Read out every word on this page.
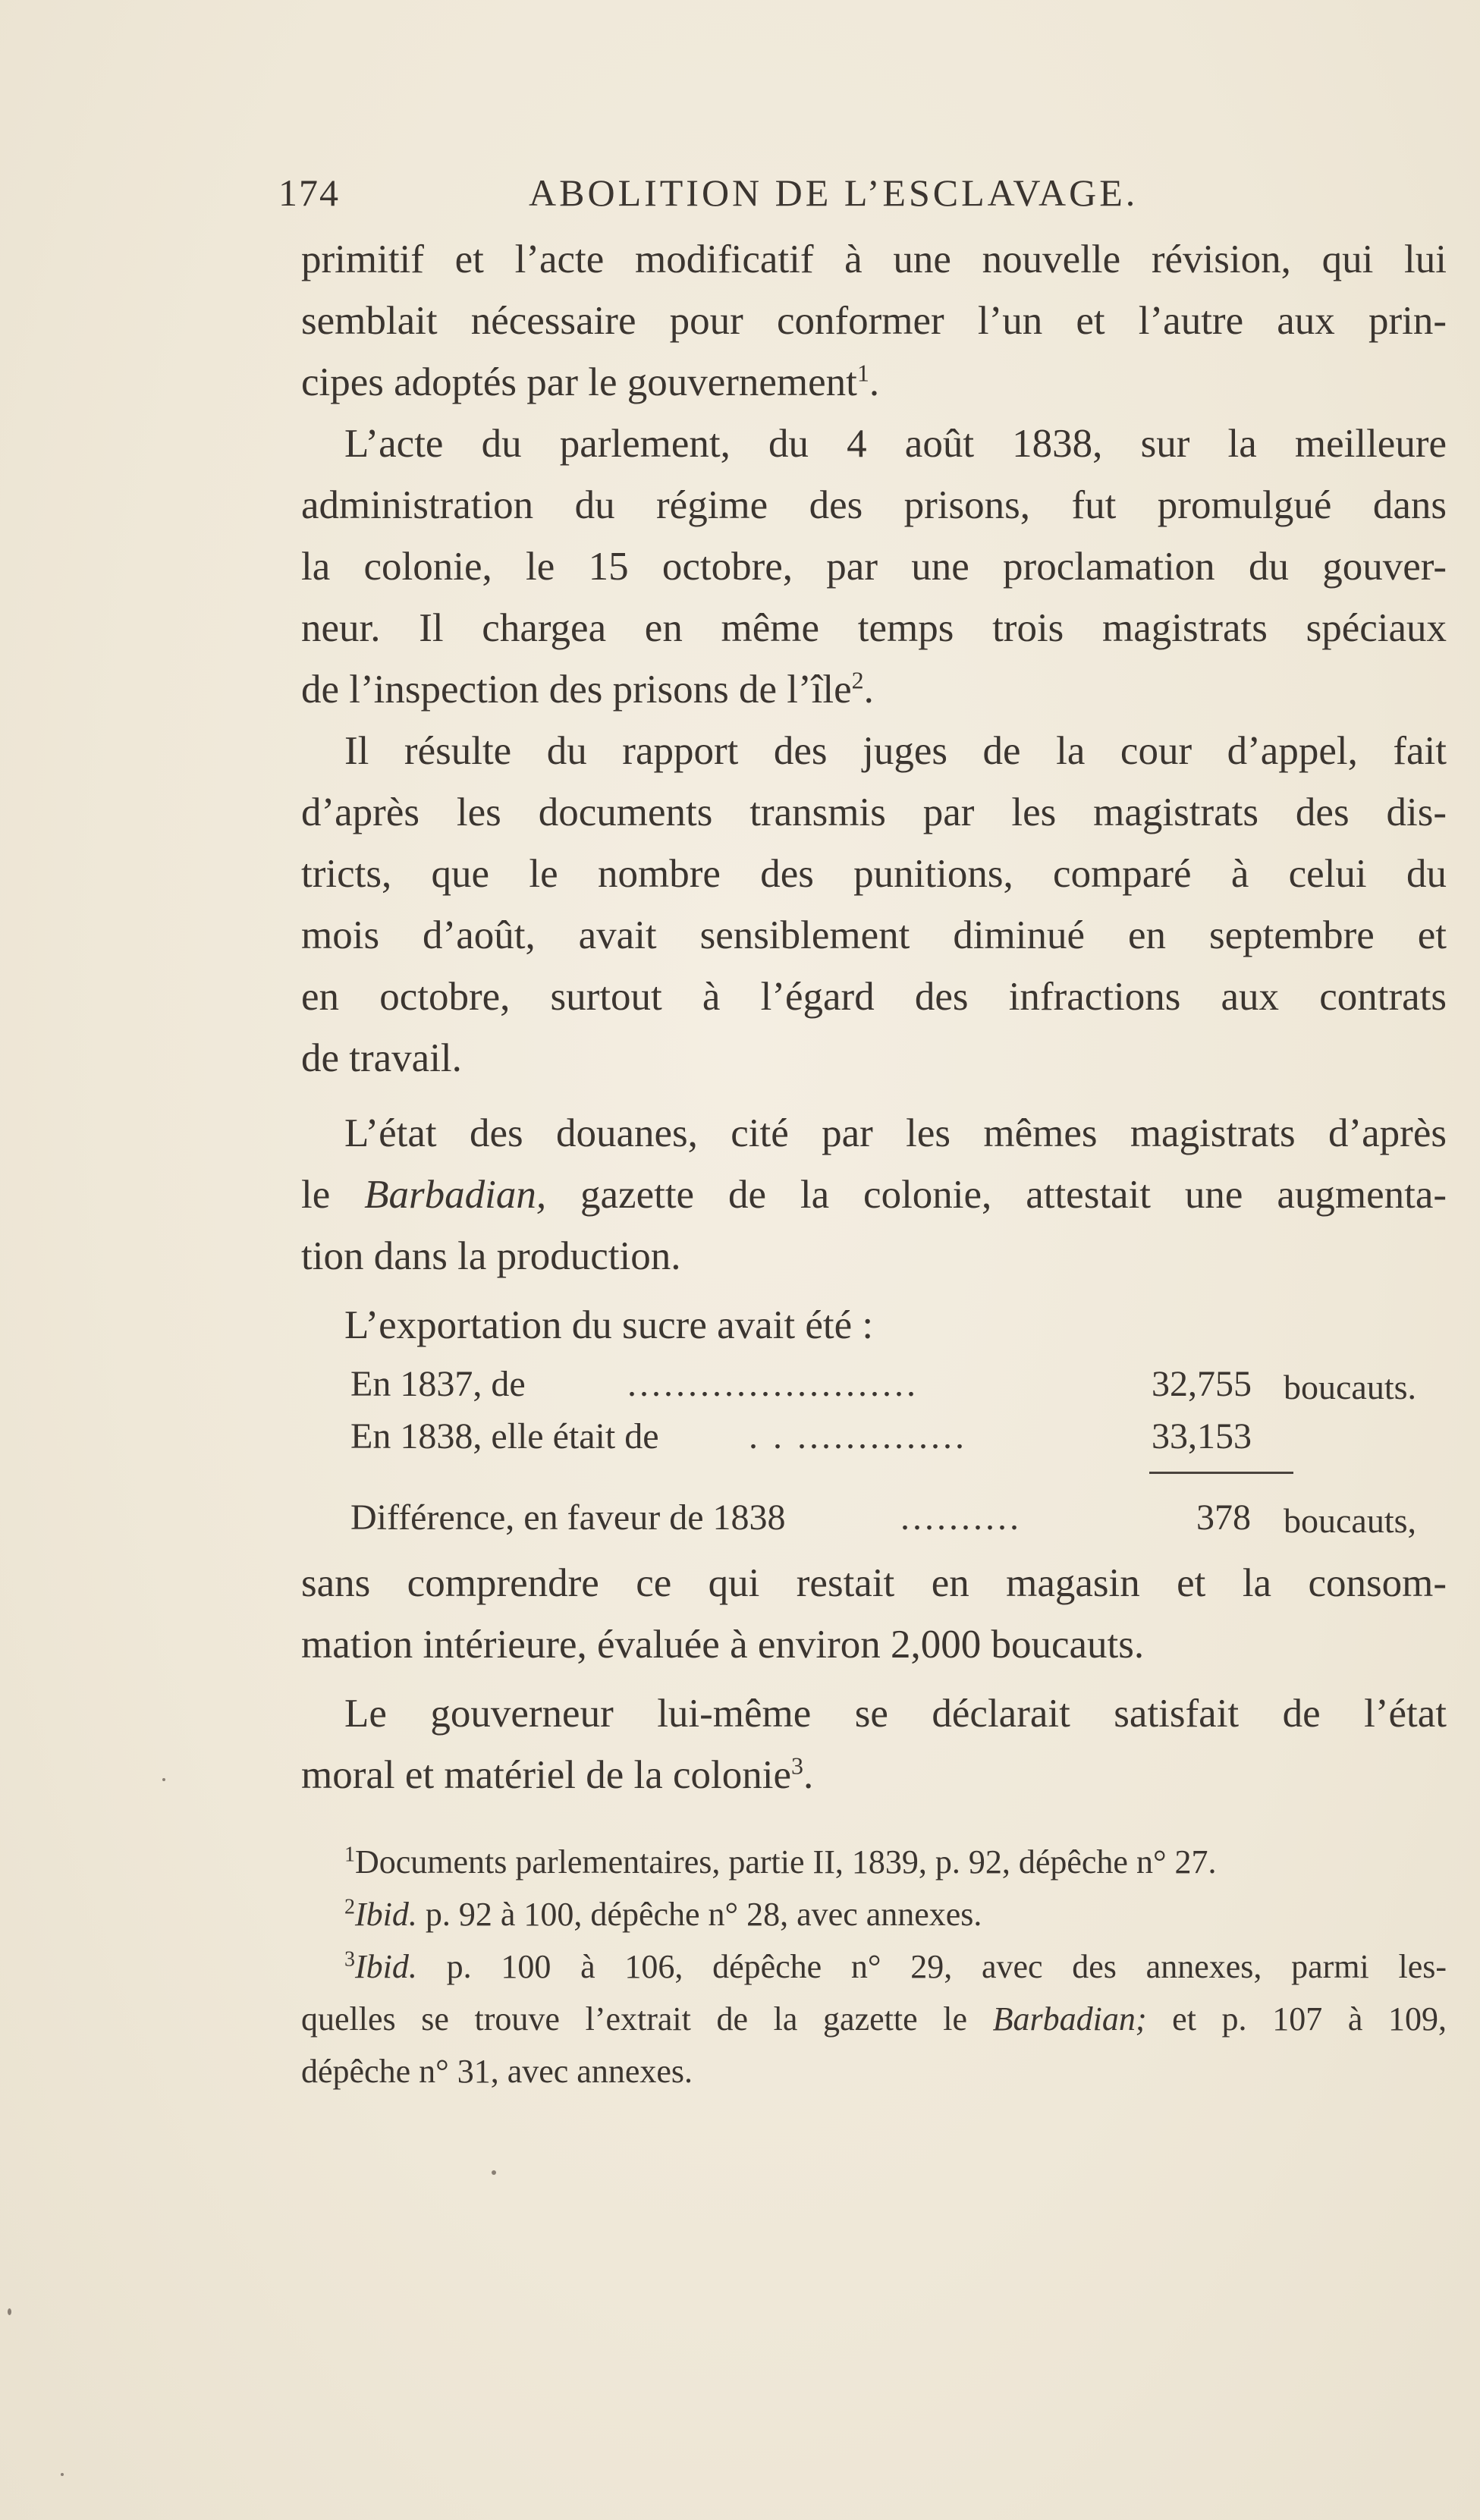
174	ABOLITION DE L’ESCLAVAGE.
primitif et l’acte modificatif à une nouvelle révision, qui lui
semblait nécessaire pour conformer l’un et l’autre aux prin-
cipes adoptés par le gouvernement$^1$.
L’acte du parlement, du 4 août 1838, sur la meilleure
administration du régime des prisons, fut promulgué dans
la colonie, le 15 octobre, par une proclamation du gouver-
neur. Il chargea en même temps trois magistrats spéciaux
de l’inspection des prisons de l’île$^2$.
Il résulte du rapport des juges de la cour d’appel, fait
d’après les documents transmis par les magistrats des dis-
tricts, que le nombre des punitions, comparé à celui du
mois d’août, avait sensiblement diminué en septembre et
en octobre, surtout à l’égard des infractions aux contrats
de travail.
L’état des douanes, cité par les mêmes magistrats d’après
le Barbadian, gazette de la colonie, attestait une augmenta-
tion dans la production.
L’exportation du sucre avait été :
En 1837, de	........................	32,755 boucauts.
En 1838, elle était de . . ..............	33,153
Différence, en faveur de 1838	..........	378 boucauts,
sans comprendre ce qui restait en magasin et la consom-
mation intérieure, évaluée à environ 2,000 boucauts.
Le gouverneur lui-même se déclarait satisfait de l’état
moral et matériel de la colonie$^3$.
$^1$Documents parlementaires, partie II, 1839, p. 92, dépêche n° 27.
$^2$Ibid. p. 92 à 100, dépêche n° 28, avec annexes.
$^3$Ibid. p. 100 à 106, dépêche n° 29, avec des annexes, parmi les-
quelles se trouve l’extrait de la gazette le Barbadian; et p. 107 à 109,
dépêche n° 31, avec annexes.
